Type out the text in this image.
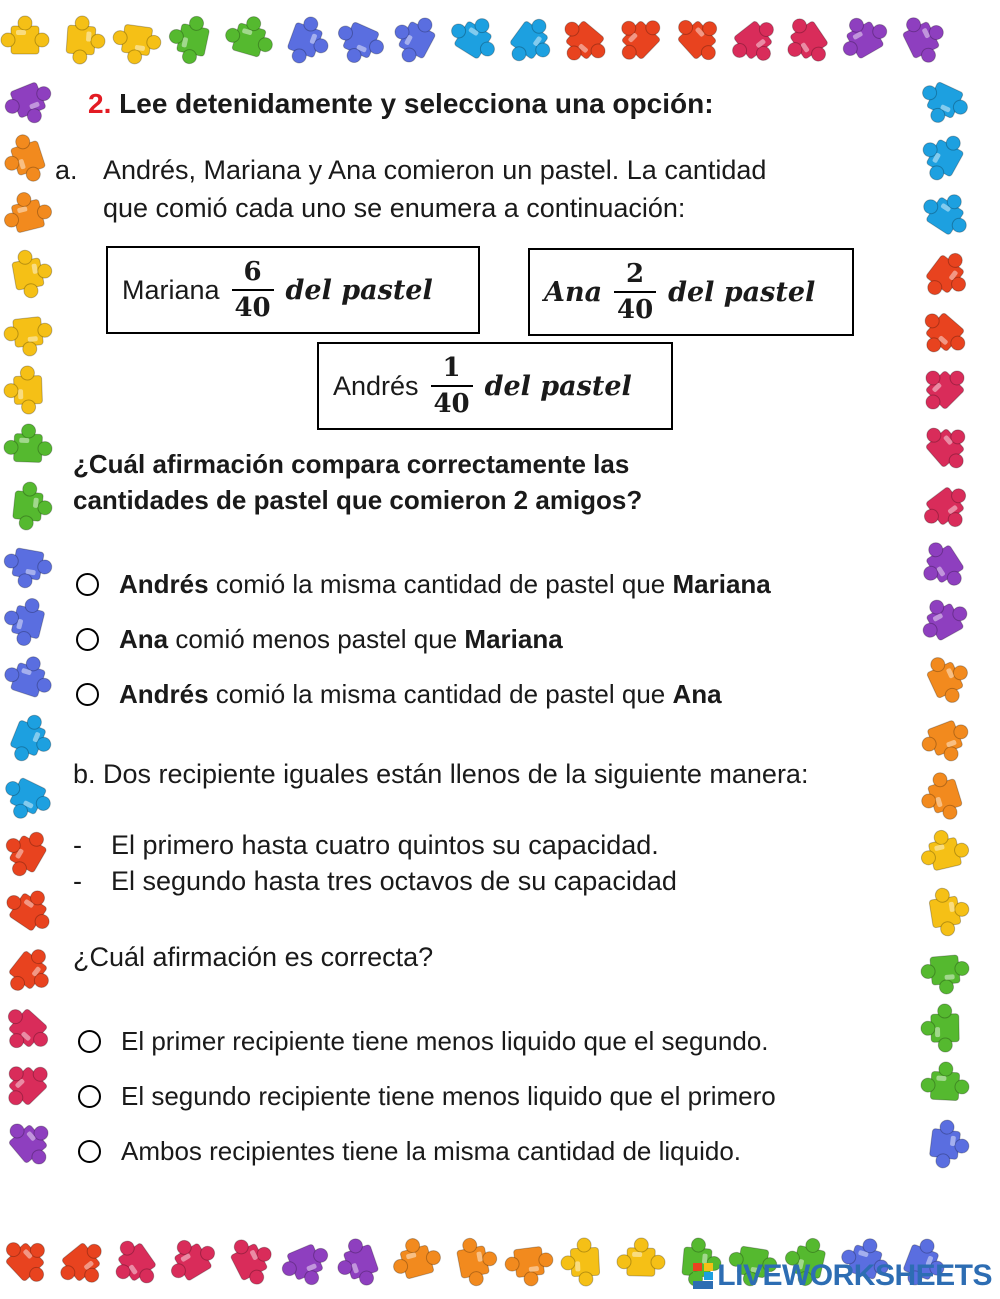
2. Lee detenidamente y selecciona una opción:
a. Andrés, Mariana y Ana comieron un pastel. La cantidad
que comió cada uno se enumera a continuación:
Mariana $\frac{6}{40}$ del pastel	Ana $\frac{2}{40}$ del pastel
Andrés $\frac{1}{40}$ del pastel
¿Cuál afirmación compara correctamente las
cantidades de pastel que comieron 2 amigos?
Andrés comió la misma cantidad de pastel que Mariana
Ana comió menos pastel que Mariana
Andrés comió la misma cantidad de pastel que Ana
b. Dos recipiente iguales están llenos de la siguiente manera:
- El primero hasta cuatro quintos su capacidad.
- El segundo hasta tres octavos de su capacidad
¿Cuál afirmación es correcta?
El primer recipiente tiene menos liquido que el segundo.
El segundo recipiente tiene menos liquido que el primero
Ambos recipientes tiene la misma cantidad de liquido.
LIVEWORKSHEETS
